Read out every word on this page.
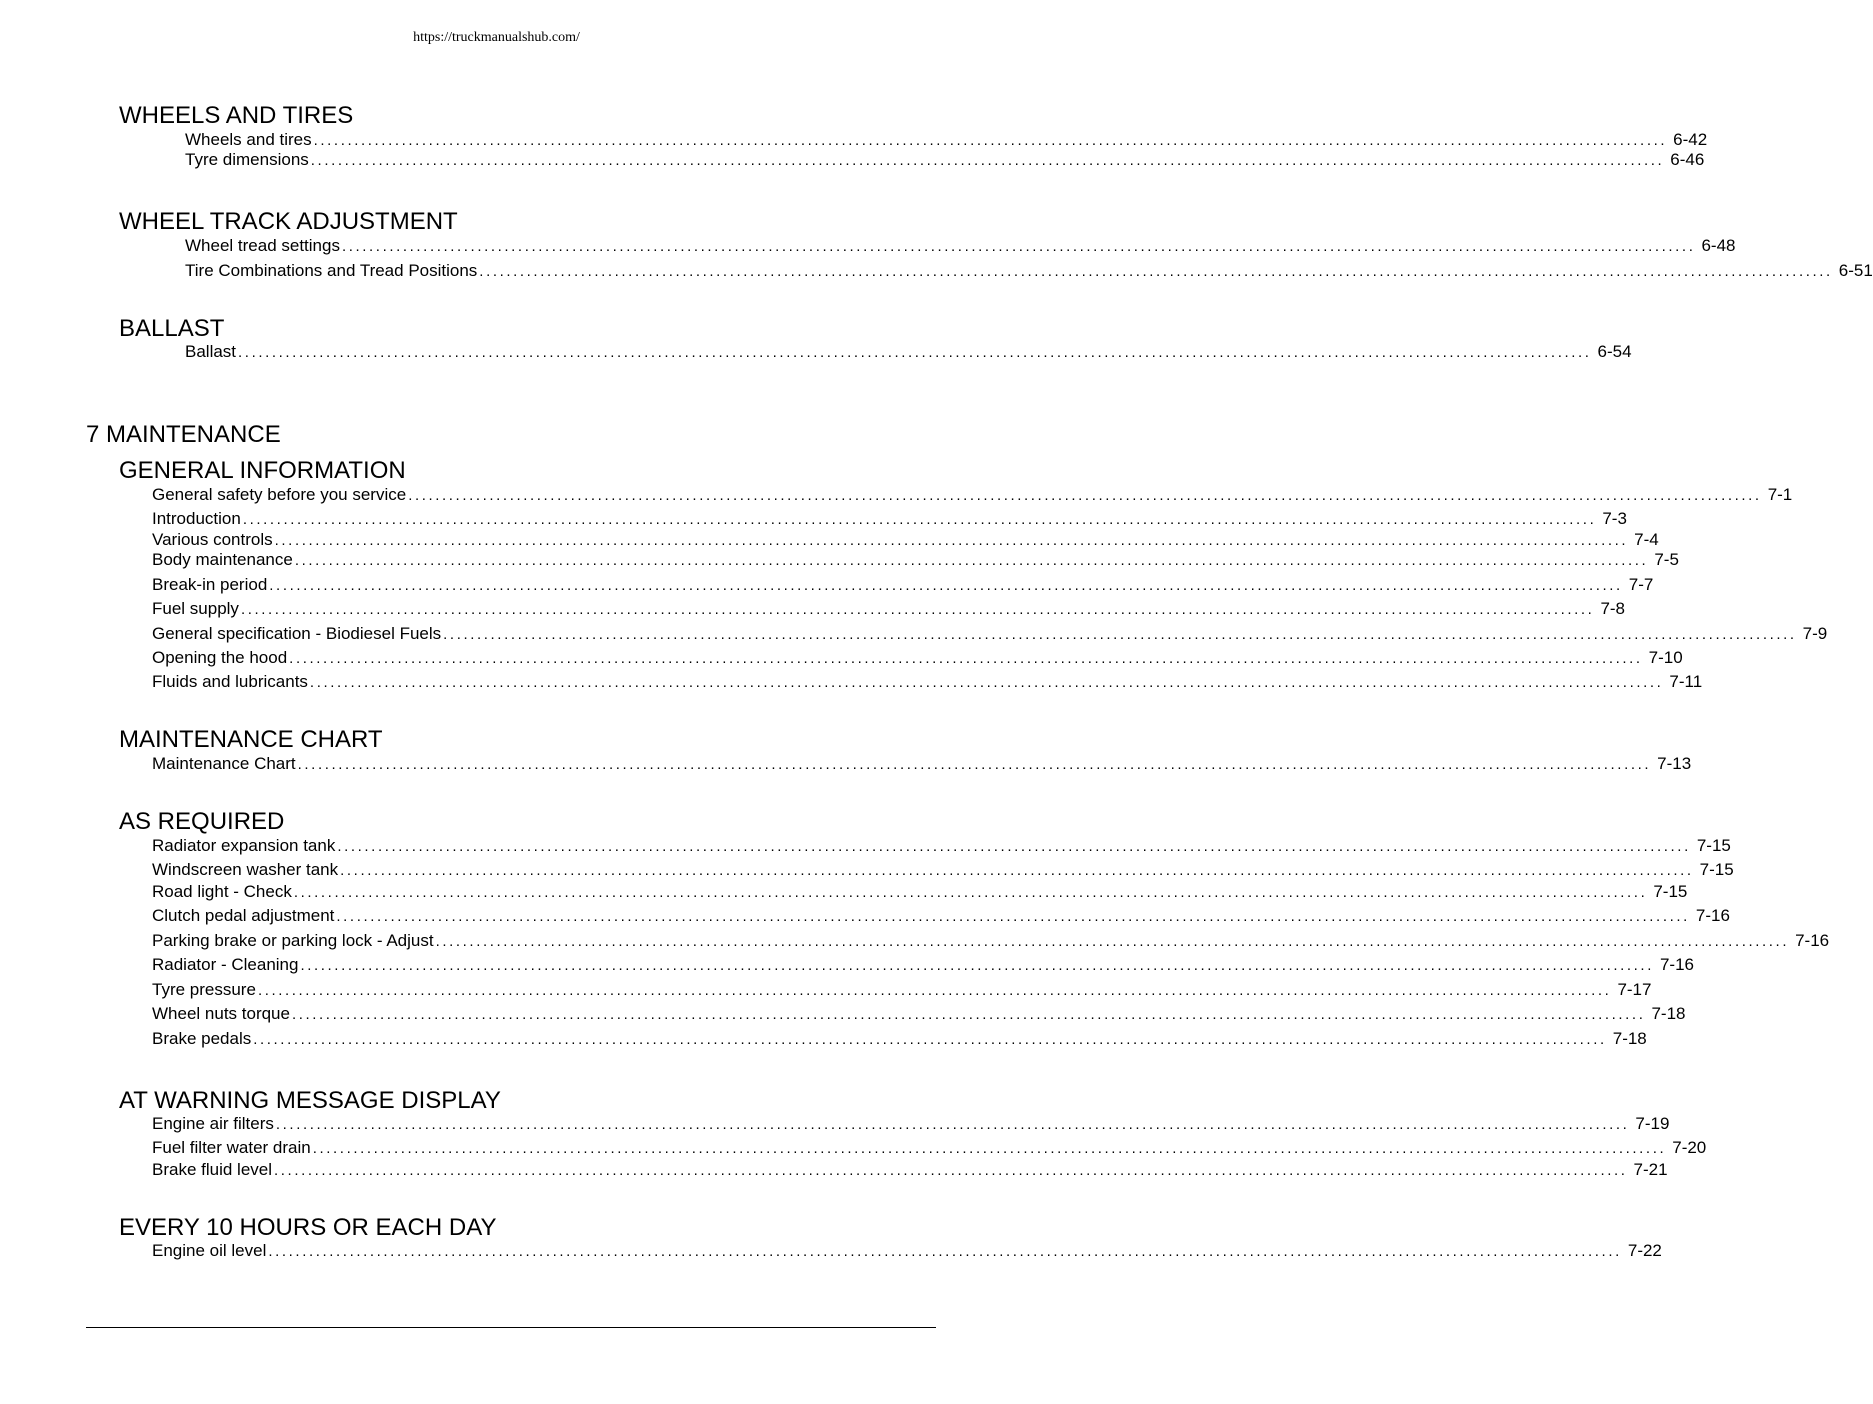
https://truckmanualshub.com/
WHEELS AND TIRES
Wheels and tires ........................................................................................................................................................................................................ 6-42
Tyre dimensions ........................................................................................................................................................................................................ 6-46
WHEEL TRACK ADJUSTMENT
Wheel tread settings ........................................................................................................................................................................................................ 6-48
Tire Combinations and Tread Positions ........................................................................................................................................................................................................ 6-51
BALLAST
Ballast ........................................................................................................................................................................................................ 6-54
7 MAINTENANCE
GENERAL INFORMATION
General safety before you service ........................................................................................................................................................................................................ 7-1
Introduction ........................................................................................................................................................................................................ 7-3
Various controls ........................................................................................................................................................................................................ 7-4
Body maintenance ........................................................................................................................................................................................................ 7-5
Break-in period ........................................................................................................................................................................................................ 7-7
Fuel supply ........................................................................................................................................................................................................ 7-8
General specification - Biodiesel Fuels ........................................................................................................................................................................................................ 7-9
Opening the hood ........................................................................................................................................................................................................ 7-10
Fluids and lubricants ........................................................................................................................................................................................................ 7-11
MAINTENANCE CHART
Maintenance Chart ........................................................................................................................................................................................................ 7-13
AS REQUIRED
Radiator expansion tank ........................................................................................................................................................................................................ 7-15
Windscreen washer tank ........................................................................................................................................................................................................ 7-15
Road light - Check ........................................................................................................................................................................................................ 7-15
Clutch pedal adjustment ........................................................................................................................................................................................................ 7-16
Parking brake or parking lock - Adjust ........................................................................................................................................................................................................ 7-16
Radiator - Cleaning ........................................................................................................................................................................................................ 7-16
Tyre pressure ........................................................................................................................................................................................................ 7-17
Wheel nuts torque ........................................................................................................................................................................................................ 7-18
Brake pedals ........................................................................................................................................................................................................ 7-18
AT WARNING MESSAGE DISPLAY
Engine air filters ........................................................................................................................................................................................................ 7-19
Fuel filter water drain ........................................................................................................................................................................................................ 7-20
Brake fluid level ........................................................................................................................................................................................................ 7-21
EVERY 10 HOURS OR EACH DAY
Engine oil level ........................................................................................................................................................................................................ 7-22
